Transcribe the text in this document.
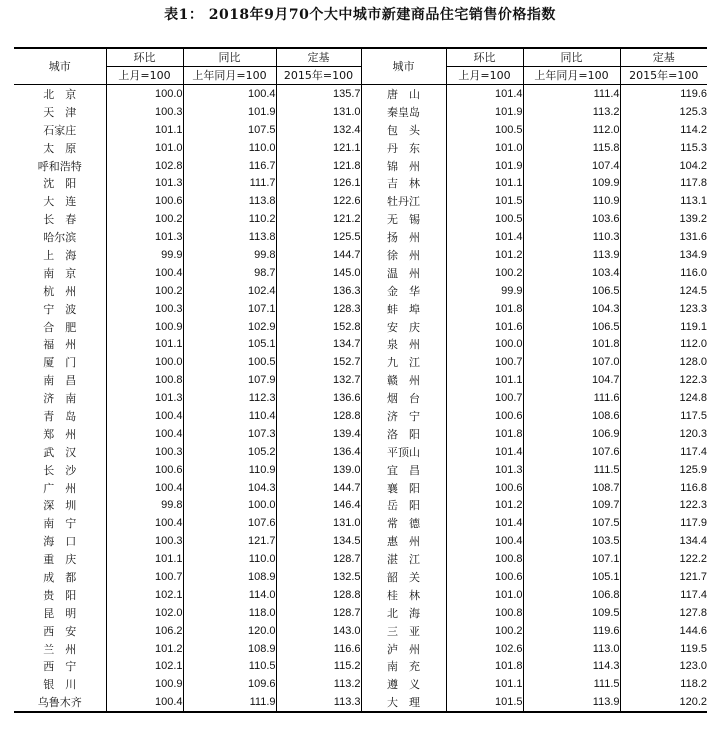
表1： 2018年9月70个大中城市新建商品住宅销售价格指数
城市	环比	同比	定基	城市	环比	同比	定基
	上月=100	上年同月=100	2015年=100		上月=100	上年同月=100	2015年=100
北　京	100.0	100.4	135.7	唐　山	101.4	111.4	119.6
天　津	100.3	101.9	131.0	秦皇岛	101.9	113.2	125.3
石家庄	101.1	107.5	132.4	包　头	100.5	112.0	114.2
太　原	101.0	110.0	121.1	丹　东	101.0	115.8	115.3
呼和浩特	102.8	116.7	121.8	锦　州	101.9	107.4	104.2
沈　阳	101.3	111.7	126.1	吉　林	101.1	109.9	117.8
大　连	100.6	113.8	122.6	牡丹江	101.5	110.9	113.1
长　春	100.2	110.2	121.2	无　锡	100.5	103.6	139.2
哈尔滨	101.3	113.8	125.5	扬　州	101.4	110.3	131.6
上　海	99.9	99.8	144.7	徐　州	101.2	113.9	134.9
南　京	100.4	98.7	145.0	温　州	100.2	103.4	116.0
杭　州	100.2	102.4	136.3	金　华	99.9	106.5	124.5
宁　波	100.3	107.1	128.3	蚌　埠	101.8	104.3	123.3
合　肥	100.9	102.9	152.8	安　庆	101.6	106.5	119.1
福　州	101.1	105.1	134.7	泉　州	100.0	101.8	112.0
厦　门	100.0	100.5	152.7	九　江	100.7	107.0	128.0
南　昌	100.8	107.9	132.7	赣　州	101.1	104.7	122.3
济　南	101.3	112.3	136.6	烟　台	100.7	111.6	124.8
青　岛	100.4	110.4	128.8	济　宁	100.6	108.6	117.5
郑　州	100.4	107.3	139.4	洛　阳	101.8	106.9	120.3
武　汉	100.3	105.2	136.4	平顶山	101.4	107.6	117.4
长　沙	100.6	110.9	139.0	宜　昌	101.3	111.5	125.9
广　州	100.4	104.3	144.7	襄　阳	100.6	108.7	116.8
深　圳	99.8	100.0	146.4	岳　阳	101.2	109.7	122.3
南　宁	100.4	107.6	131.0	常　德	101.4	107.5	117.9
海　口	100.3	121.7	134.5	惠　州	100.4	103.5	134.4
重　庆	101.1	110.0	128.7	湛　江	100.8	107.1	122.2
成　都	100.7	108.9	132.5	韶　关	100.6	105.1	121.7
贵　阳	102.1	114.0	128.8	桂　林	101.0	106.8	117.4
昆　明	102.0	118.0	128.7	北　海	100.8	109.5	127.8
西　安	106.2	120.0	143.0	三　亚	100.2	119.6	144.6
兰　州	101.2	108.9	116.6	泸　州	102.6	113.0	119.5
西　宁	102.1	110.5	115.2	南　充	101.8	114.3	123.0
银　川	100.9	109.6	113.2	遵　义	101.1	111.5	118.2
乌鲁木齐	100.4	111.9	113.3	大　理	101.5	113.9	120.2
